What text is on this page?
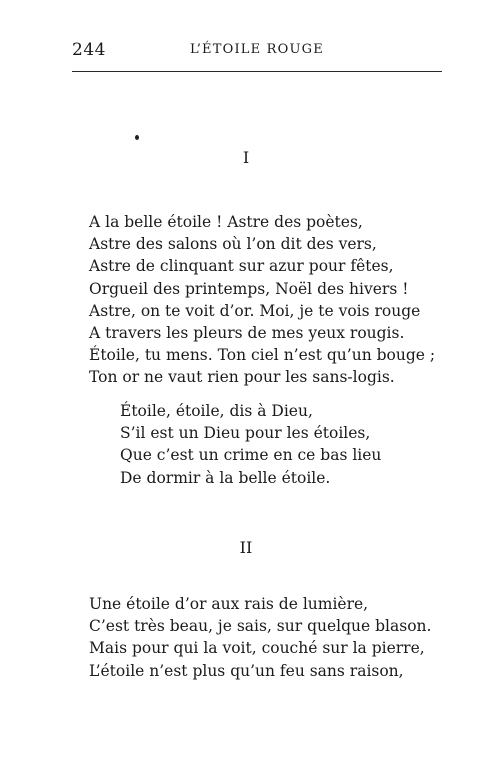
244	L’ÉTOILE ROUGE
I
A la belle étoile ! Astre des poètes,
Astre des salons où l’on dit des vers,
Astre de clinquant sur azur pour fêtes,
Orgueil des printemps, Noël des hivers !
Astre, on te voit d’or. Moi, je te vois rouge
A travers les pleurs de mes yeux rougis.
Étoile, tu mens. Ton ciel n’est qu’un bouge ;
Ton or ne vaut rien pour les sans-logis.
Étoile, étoile, dis à Dieu,
S’il est un Dieu pour les étoiles,
Que c’est un crime en ce bas lieu
De dormir à la belle étoile.
II
Une étoile d’or aux rais de lumière,
C’est très beau, je sais, sur quelque blason.
Mais pour qui la voit, couché sur la pierre,
L’étoile n’est plus qu’un feu sans raison,
